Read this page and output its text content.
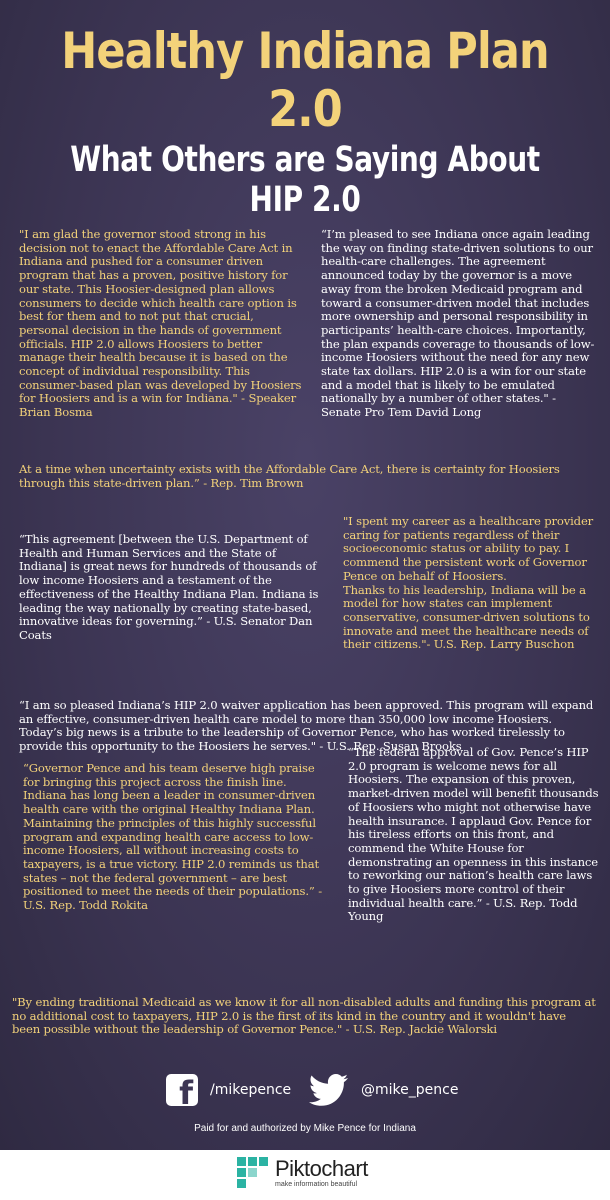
Healthy Indiana Plan 2.0
What Others are Saying About HIP 2.0

"I am glad the governor stood strong in his decision not to enact the Affordable Care Act in Indiana and pushed for a consumer driven program that has a proven, positive history for our state. This Hoosier-designed plan allows consumers to decide which health care option is best for them and to not put that crucial, personal decision in the hands of government officials. HIP 2.0 allows Hoosiers to better manage their health because it is based on the concept of individual responsibility. This consumer-based plan was developed by Hoosiers for Hoosiers and is a win for Indiana." - Speaker Brian Bosma

“I’m pleased to see Indiana once again leading the way on finding state-driven solutions to our health-care challenges. The agreement announced today by the governor is a move away from the broken Medicaid program and toward a consumer-driven model that includes more ownership and personal responsibility in participants’ health-care choices. Importantly, the plan expands coverage to thousands of low-income Hoosiers without the need for any new state tax dollars. HIP 2.0 is a win for our state and a model that is likely to be emulated nationally by a number of other states." - Senate Pro Tem David Long

At a time when uncertainty exists with the Affordable Care Act, there is certainty for Hoosiers through this state-driven plan.” - Rep. Tim Brown

“This agreement [between the U.S. Department of Health and Human Services and the State of Indiana] is great news for hundreds of thousands of low income Hoosiers and a testament of the effectiveness of the Healthy Indiana Plan. Indiana is leading the way nationally by creating state-based, innovative ideas for governing.” - U.S. Senator Dan Coats

"I spent my career as a healthcare provider caring for patients regardless of their socioeconomic status or ability to pay. I commend the persistent work of Governor Pence on behalf of Hoosiers.
Thanks to his leadership, Indiana will be a model for how states can implement conservative, consumer-driven solutions to innovate and meet the healthcare needs of their citizens."- U.S. Rep. Larry Buschon

“I am so pleased Indiana’s HIP 2.0 waiver application has been approved. This program will expand an effective, consumer-driven health care model to more than 350,000 low income Hoosiers. Today’s big news is a tribute to the leadership of Governor Pence, who has worked tirelessly to provide this opportunity to the Hoosiers he serves." - U.S. Rep. Susan Brooks

“Governor Pence and his team deserve high praise for bringing this project across the finish line. Indiana has long been a leader in consumer-driven health care with the original Healthy Indiana Plan. Maintaining the principles of this highly successful program and expanding health care access to low-income Hoosiers, all without increasing costs to taxpayers, is a true victory. HIP 2.0 reminds us that states – not the federal government – are best positioned to meet the needs of their populations.” - U.S. Rep. Todd Rokita

“The federal approval of Gov. Pence’s HIP 2.0 program is welcome news for all Hoosiers. The expansion of this proven, market-driven model will benefit thousands of Hoosiers who might not otherwise have health insurance. I applaud Gov. Pence for his tireless efforts on this front, and commend the White House for demonstrating an openness in this instance to reworking our nation’s health care laws to give Hoosiers more control of their individual health care.” - U.S. Rep. Todd Young

"By ending traditional Medicaid as we know it for all non-disabled adults and funding this program at no additional cost to taxpayers, HIP 2.0 is the first of its kind in the country and it wouldn't have been possible without the leadership of Governor Pence." - U.S. Rep. Jackie Walorski

f /mikepence	@mike_pence
Paid for and authorized by Mike Pence for Indiana
Piktochart
make information beautiful
